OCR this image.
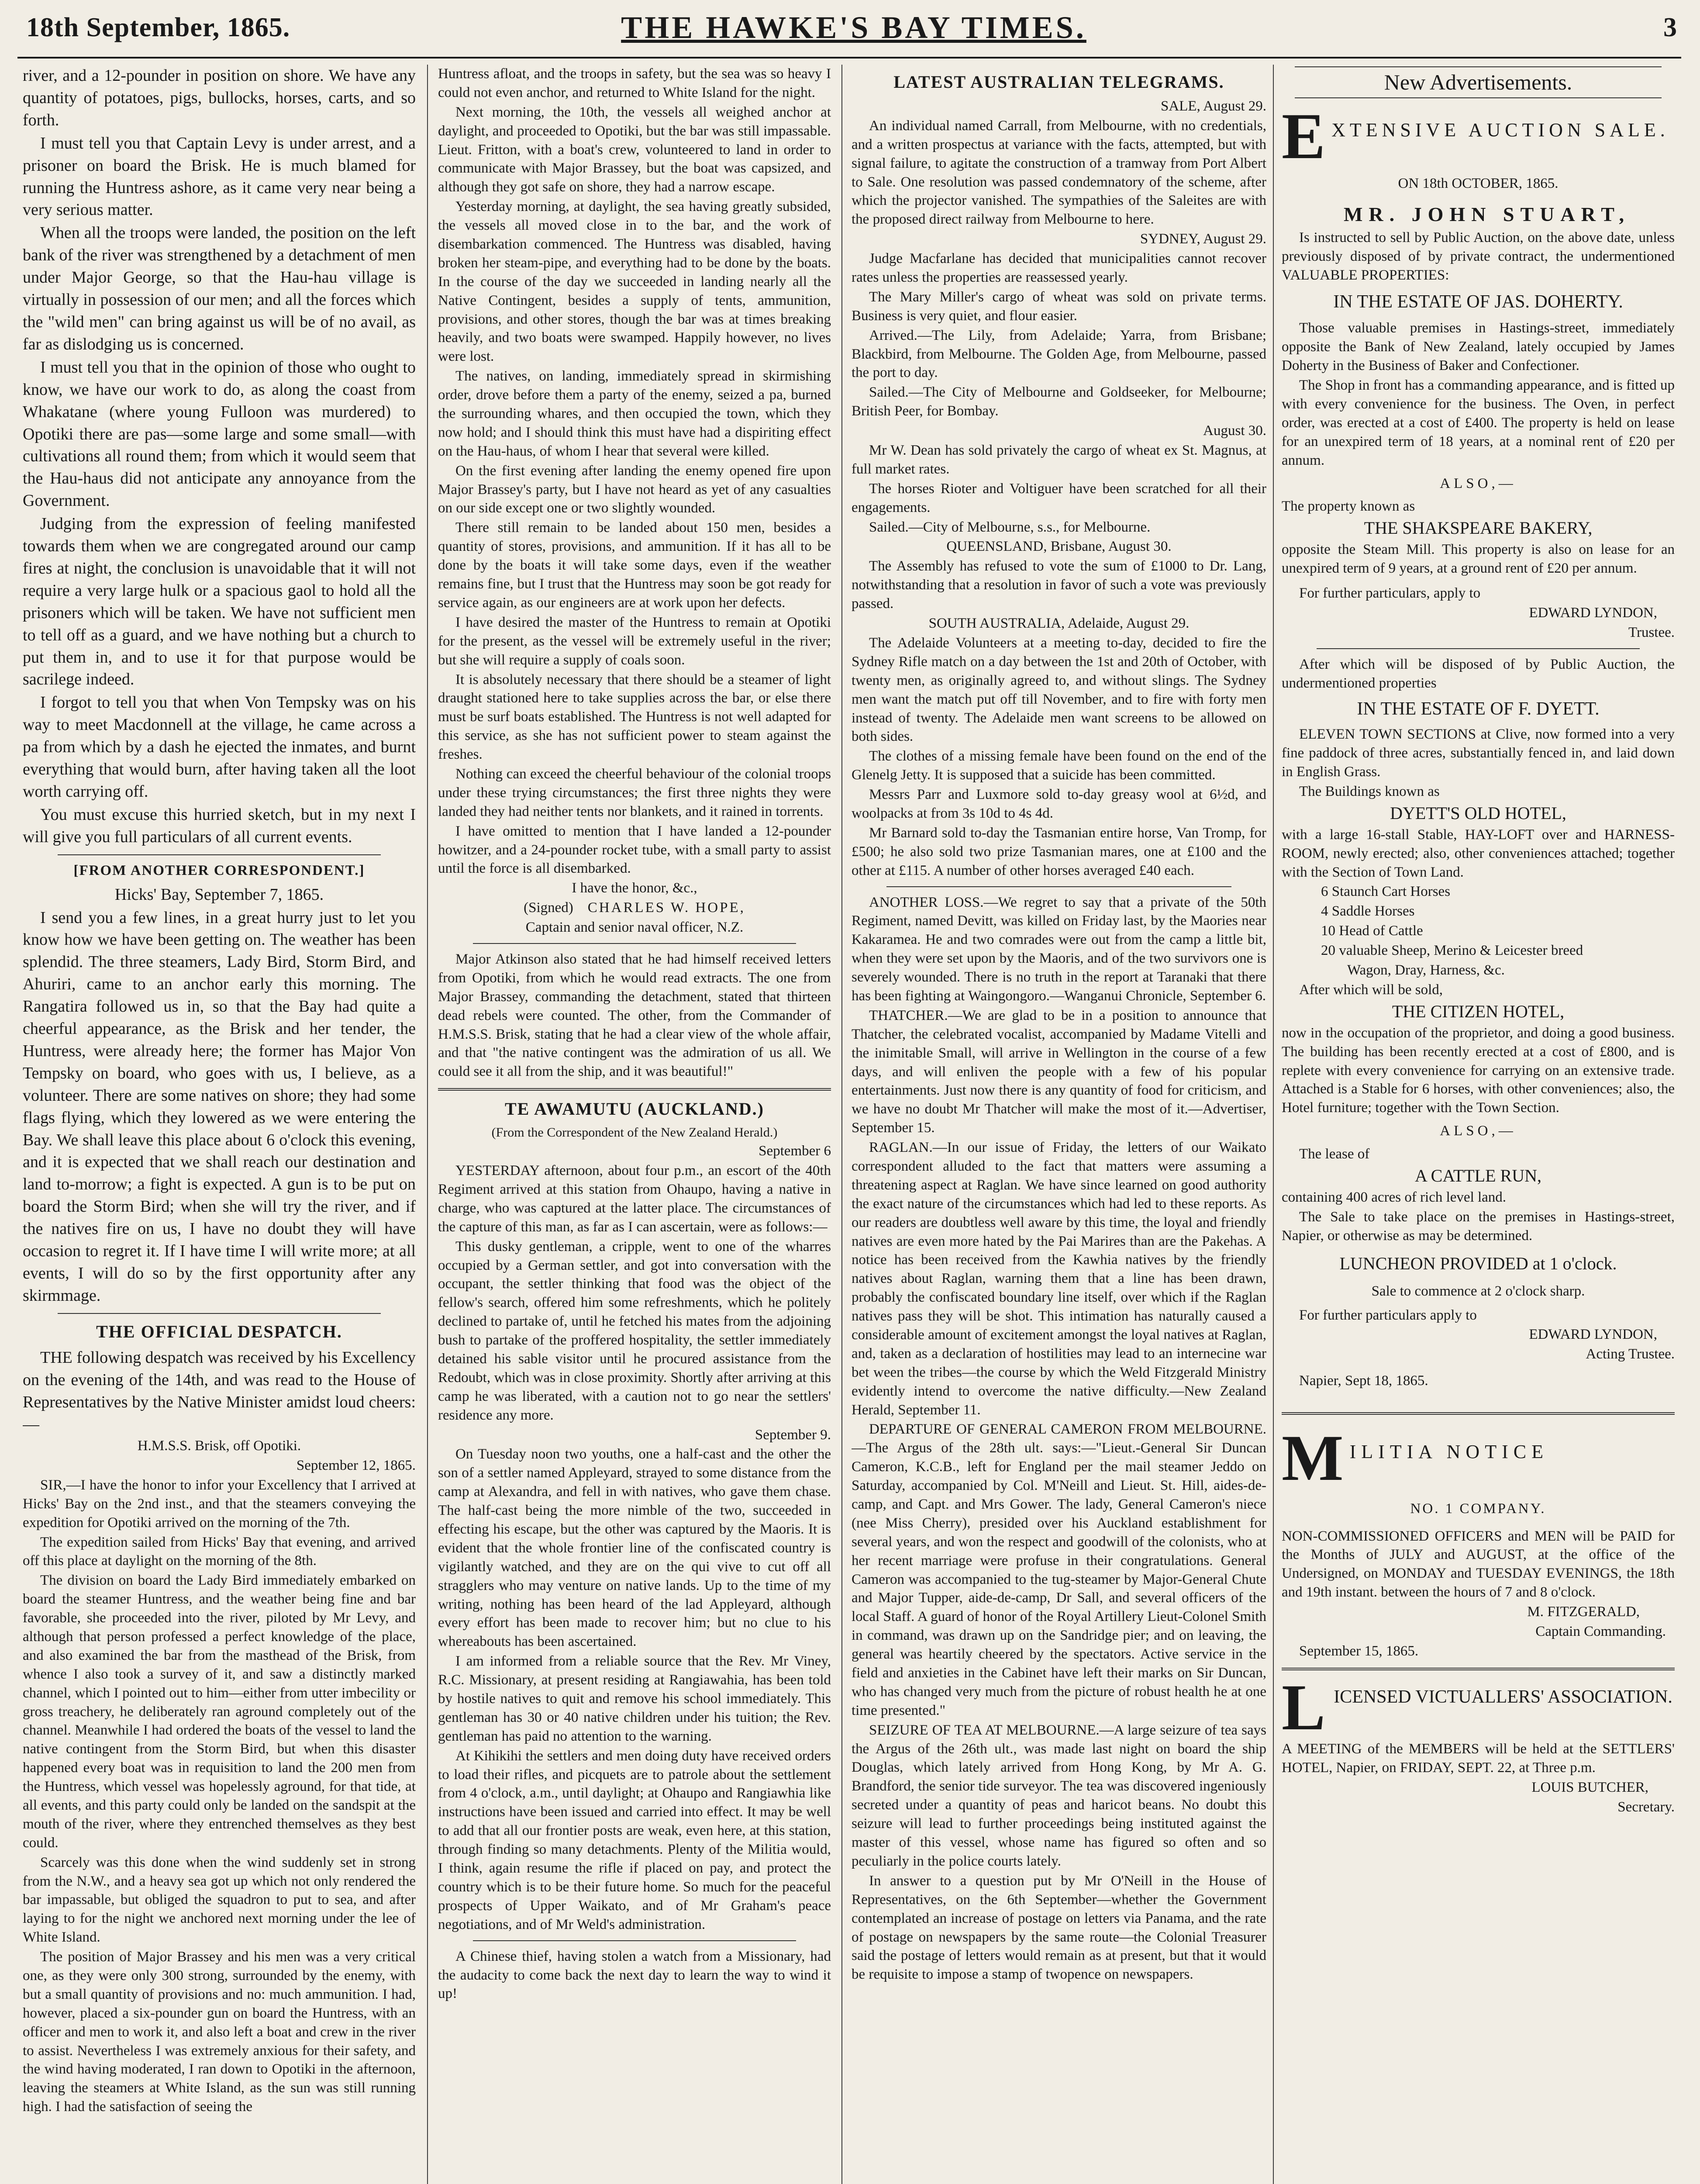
18th September, 1865.	THE HAWKE'S BAY TIMES.	3

river, and a 12-pounder in position on shore. We have any quantity of potatoes, pigs, bullocks, horses, carts, and so forth.

I must tell you that Captain Levy is under arrest, and a prisoner on board the Brisk. He is much blamed for running the Huntress ashore, as it came very near being a very serious matter.

When all the troops were landed, the position on the left bank of the river was strengthened by a detachment of men under Major George, so that the Hau-hau village is virtually in possession of our men; and all the forces which the "wild men" can bring against us will be of no avail, as far as dislodging us is concerned.

I must tell you that in the opinion of those who ought to know, we have our work to do, as along the coast from Whakatane (where young Fulloon was murdered) to Opotiki there are pas—some large and some small—with cultivations all round them; from which it would seem that the Hau-haus did not anticipate any annoyance from the Government.

Judging from the expression of feeling manifested towards them when we are congregated around our camp fires at night, the conclusion is unavoidable that it will not require a very large hulk or a spacious gaol to hold all the prisoners which will be taken. We have not sufficient men to tell off as a guard, and we have nothing but a church to put them in, and to use it for that purpose would be sacrilege indeed.

I forgot to tell you that when Von Tempsky was on his way to meet Macdonnell at the village, he came across a pa from which by a dash he ejected the inmates, and burnt everything that would burn, after having taken all the loot worth carrying off.

You must excuse this hurried sketch, but in my next I will give you full particulars of all current events.

[FROM ANOTHER CORRESPONDENT.]

Hicks' Bay, September 7, 1865.

I send you a few lines, in a great hurry just to let you know how we have been getting on. The weather has been splendid. The three steamers, Lady Bird, Storm Bird, and Ahuriri, came to an anchor early this morning. The Rangatira followed us in, so that the Bay had quite a cheerful appearance, as the Brisk and her tender, the Huntress, were already here; the former has Major Von Tempsky on board, who goes with us, I believe, as a volunteer. There are some natives on shore; they had some flags flying, which they lowered as we were entering the Bay. We shall leave this place about 6 o'clock this evening, and it is expected that we shall reach our destination and land to-morrow; a fight is expected. A gun is to be put on board the Storm Bird; when she will try the river, and if the natives fire on us, I have no doubt they will have occasion to regret it. If I have time I will write more; at all events, I will do so by the first opportunity after any skirmmage.

THE OFFICIAL DESPATCH.

THE following despatch was received by his Excellency on the evening of the 14th, and was read to the House of Representatives by the Native Minister amidst loud cheers:—

H.M.S.S. Brisk, off Opotiki.

September 12, 1865.

SIR,—I have the honor to infor your Excellency that I arrived at Hicks' Bay on the 2nd inst., and that the steamers conveying the expedition for Opotiki arrived on the morning of the 7th.

The expedition sailed from Hicks' Bay that evening, and arrived off this place at daylight on the morning of the 8th.

The division on board the Lady Bird immediately embarked on board the steamer Huntress, and the weather being fine and bar favorable, she proceeded into the river, piloted by Mr Levy, and although that person professed a perfect knowledge of the place, and also examined the bar from the masthead of the Brisk, from whence I also took a survey of it, and saw a distinctly marked channel, which I pointed out to him—either from utter imbecility or gross treachery, he deliberately ran aground completely out of the channel. Meanwhile I had ordered the boats of the vessel to land the native contingent from the Storm Bird, but when this disaster happened every boat was in requisition to land the 200 men from the Huntress, which vessel was hopelessly aground, for that tide, at all events, and this party could only be landed on the sandspit at the mouth of the river, where they entrenched themselves as they best could.

Scarcely was this done when the wind suddenly set in strong from the N.W., and a heavy sea got up which not only rendered the bar impassable, but obliged the squadron to put to sea, and after laying to for the night we anchored next morning under the lee of White Island.

The position of Major Brassey and his men was a very critical one, as they were only 300 strong, surrounded by the enemy, with but a small quantity of provisions and no: much ammunition. I had, however, placed a six-pounder gun on board the Huntress, with an officer and men to work it, and also left a boat and crew in the river to assist. Nevertheless I was extremely anxious for their safety, and the wind having moderated, I ran down to Opotiki in the afternoon, leaving the steamers at White Island, as the sun was still running high. I had the satisfaction of seeing the

Huntress afloat, and the troops in safety, but the sea was so heavy I could not even anchor, and returned to White Island for the night.

Next morning, the 10th, the vessels all weighed anchor at daylight, and proceeded to Opotiki, but the bar was still impassable. Lieut. Fritton, with a boat's crew, volunteered to land in order to communicate with Major Brassey, but the boat was capsized, and although they got safe on shore, they had a narrow escape.

Yesterday morning, at daylight, the sea having greatly subsided, the vessels all moved close in to the bar, and the work of disembarkation commenced. The Huntress was disabled, having broken her steam-pipe, and everything had to be done by the boats. In the course of the day we succeeded in landing nearly all the Native Contingent, besides a supply of tents, ammunition, provisions, and other stores, though the bar was at times breaking heavily, and two boats were swamped. Happily however, no lives were lost.

The natives, on landing, immediately spread in skirmishing order, drove before them a party of the enemy, seized a pa, burned the surrounding whares, and then occupied the town, which they now hold; and I should think this must have had a dispiriting effect on the Hau-haus, of whom I hear that several were killed.

On the first evening after landing the enemy opened fire upon Major Brassey's party, but I have not heard as yet of any casualties on our side except one or two slightly wounded.

There still remain to be landed about 150 men, besides a quantity of stores, provisions, and ammunition. If it has all to be done by the boats it will take some days, even if the weather remains fine, but I trust that the Huntress may soon be got ready for service again, as our engineers are at work upon her defects.

I have desired the master of the Huntress to remain at Opotiki for the present, as the vessel will be extremely useful in the river; but she will require a supply of coals soon.

It is absolutely necessary that there should be a steamer of light draught stationed here to take supplies across the bar, or else there must be surf boats established. The Huntress is not well adapted for this service, as she has not sufficient power to steam against the freshes.

Nothing can exceed the cheerful behaviour of the colonial troops under these trying circumstances; the first three nights they were landed they had neither tents nor blankets, and it rained in torrents.

I have omitted to mention that I have landed a 12-pounder howitzer, and a 24-pounder rocket tube, with a small party to assist until the force is all disembarked.

I have the honor, &c.,

(Signed) CHARLES W. HOPE,

Captain and senior naval officer, N.Z.

Major Atkinson also stated that he had himself received letters from Opotiki, from which he would read extracts. The one from Major Brassey, commanding the detachment, stated that thirteen dead rebels were counted. The other, from the Commander of H.M.S.S. Brisk, stating that he had a clear view of the whole affair, and that "the native contingent was the admiration of us all. We could see it all from the ship, and it was beautiful!"

TE AWAMUTU (AUCKLAND.)

(From the Correspondent of the New Zealand Herald.)

September 6

YESTERDAY afternoon, about four p.m., an escort of the 40th Regiment arrived at this station from Ohaupo, having a native in charge, who was captured at the latter place. The circumstances of the capture of this man, as far as I can ascertain, were as follows:—

This dusky gentleman, a cripple, went to one of the wharres occupied by a German settler, and got into conversation with the occupant, the settler thinking that food was the object of the fellow's search, offered him some refreshments, which he politely declined to partake of, until he fetched his mates from the adjoining bush to partake of the proffered hospitality, the settler immediately detained his sable visitor until he procured assistance from the Redoubt, which was in close proximity. Shortly after arriving at this camp he was liberated, with a caution not to go near the settlers' residence any more.

September 9.

On Tuesday noon two youths, one a half-cast and the other the son of a settler named Appleyard, strayed to some distance from the camp at Alexandra, and fell in with natives, who gave them chase. The half-cast being the more nimble of the two, succeeded in effecting his escape, but the other was captured by the Maoris. It is evident that the whole frontier line of the confiscated country is vigilantly watched, and they are on the qui vive to cut off all stragglers who may venture on native lands. Up to the time of my writing, nothing has been heard of the lad Appleyard, although every effort has been made to recover him; but no clue to his whereabouts has been ascertained.

I am informed from a reliable source that the Rev. Mr Viney, R.C. Missionary, at present residing at Rangiawahia, has been told by hostile natives to quit and remove his school immediately. This gentleman has 30 or 40 native children under his tuition; the Rev. gentleman has paid no attention to the warning.

At Kihikihi the settlers and men doing duty have received orders to load their rifles, and picquets are to patrole about the settlement from 4 o'clock, a.m., until daylight; at Ohaupo and Rangiawhia like instructions have been issued and carried into effect. It may be well to add that all our frontier posts are weak, even here, at this station, through finding so many detachments. Plenty of the Militia would, I think, again resume the rifle if placed on pay, and protect the country which is to be their future home. So much for the peaceful prospects of Upper Waikato, and of Mr Graham's peace negotiations, and of Mr Weld's administration.

A Chinese thief, having stolen a watch from a Missionary, had the audacity to come back the next day to learn the way to wind it up!

LATEST AUSTRALIAN TELEGRAMS.

SALE, August 29.

An individual named Carrall, from Melbourne, with no credentials, and a written prospectus at variance with the facts, attempted, but with signal failure, to agitate the construction of a tramway from Port Albert to Sale. One resolution was passed condemnatory of the scheme, after which the projector vanished. The sympathies of the Saleites are with the proposed direct railway from Melbourne to here.

SYDNEY, August 29.

Judge Macfarlane has decided that municipalities cannot recover rates unless the properties are reassessed yearly.

The Mary Miller's cargo of wheat was sold on private terms. Business is very quiet, and flour easier.

Arrived.—The Lily, from Adelaide; Yarra, from Brisbane; Blackbird, from Melbourne. The Golden Age, from Melbourne, passed the port to day.

Sailed.—The City of Melbourne and Goldseeker, for Melbourne; British Peer, for Bombay.

August 30.

Mr W. Dean has sold privately the cargo of wheat ex St. Magnus, at full market rates.

The horses Rioter and Voltiguer have been scratched for all their engagements.

Sailed.—City of Melbourne, s.s., for Melbourne.

QUEENSLAND, Brisbane, August 30.

The Assembly has refused to vote the sum of £1000 to Dr. Lang, notwithstanding that a resolution in favor of such a vote was previously passed.

SOUTH AUSTRALIA, Adelaide, August 29.

The Adelaide Volunteers at a meeting to-day, decided to fire the Sydney Rifle match on a day between the 1st and 20th of October, with twenty men, as originally agreed to, and without slings. The Sydney men want the match put off till November, and to fire with forty men instead of twenty. The Adelaide men want screens to be allowed on both sides.

The clothes of a missing female have been found on the end of the Glenelg Jetty. It is supposed that a suicide has been committed.

Messrs Parr and Luxmore sold to-day greasy wool at 6½d, and woolpacks at from 3s 10d to 4s 4d.

Mr Barnard sold to-day the Tasmanian entire horse, Van Tromp, for £500; he also sold two prize Tasmanian mares, one at £100 and the other at £115. A number of other horses averaged £40 each.

ANOTHER LOSS.—We regret to say that a private of the 50th Regiment, named Devitt, was killed on Friday last, by the Maories near Kakaramea. He and two comrades were out from the camp a little bit, when they were set upon by the Maoris, and of the two survivors one is severely wounded. There is no truth in the report at Taranaki that there has been fighting at Waingongoro.—Wanganui Chronicle, September 6.

THATCHER.—We are glad to be in a position to announce that Thatcher, the celebrated vocalist, accompanied by Madame Vitelli and the inimitable Small, will arrive in Wellington in the course of a few days, and will enliven the people with a few of his popular entertainments. Just now there is any quantity of food for criticism, and we have no doubt Mr Thatcher will make the most of it.—Advertiser, September 15.

RAGLAN.—In our issue of Friday, the letters of our Waikato correspondent alluded to the fact that matters were assuming a threatening aspect at Raglan. We have since learned on good authority the exact nature of the circumstances which had led to these reports. As our readers are doubtless well aware by this time, the loyal and friendly natives are even more hated by the Pai Marires than are the Pakehas. A notice has been received from the Kawhia natives by the friendly natives about Raglan, warning them that a line has been drawn, probably the confiscated boundary line itself, over which if the Raglan natives pass they will be shot. This intimation has naturally caused a considerable amount of excitement amongst the loyal natives at Raglan, and, taken as a declaration of hostilities may lead to an internecine war bet ween the tribes—the course by which the Weld Fitzgerald Ministry evidently intend to overcome the native difficulty.—New Zealand Herald, September 11.

DEPARTURE OF GENERAL CAMERON FROM MELBOURNE.—The Argus of the 28th ult. says:—"Lieut.-General Sir Duncan Cameron, K.C.B., left for England per the mail steamer Jeddo on Saturday, accompanied by Col. M'Neill and Lieut. St. Hill, aides-de-camp, and Capt. and Mrs Gower. The lady, General Cameron's niece (nee Miss Cherry), presided over his Auckland establishment for several years, and won the respect and goodwill of the colonists, who at her recent marriage were profuse in their congratulations. General Cameron was accompanied to the tug-steamer by Major-General Chute and Major Tupper, aide-de-camp, Dr Sall, and several officers of the local Staff. A guard of honor of the Royal Artillery Lieut-Colonel Smith in command, was drawn up on the Sandridge pier; and on leaving, the general was heartily cheered by the spectators. Active service in the field and anxieties in the Cabinet have left their marks on Sir Duncan, who has changed very much from the picture of robust health he at one time presented."

SEIZURE OF TEA AT MELBOURNE.—A large seizure of tea says the Argus of the 26th ult., was made last night on board the ship Douglas, which lately arrived from Hong Kong, by Mr A. G. Brandford, the senior tide surveyor. The tea was discovered ingeniously secreted under a quantity of peas and haricot beans. No doubt this seizure will lead to further proceedings being instituted against the master of this vessel, whose name has figured so often and so peculiarly in the police courts lately.

In answer to a question put by Mr O'Neill in the House of Representatives, on the 6th September—whether the Government contemplated an increase of postage on letters via Panama, and the rate of postage on newspapers by the same route—the Colonial Treasurer said the postage of letters would remain as at present, but that it would be requisite to impose a stamp of twopence on newspapers.

New Advertisements.
E XTENSIVE AUCTION SALE.

ON 18th OCTOBER, 1865.

MR. JOHN STUART,

Is instructed to sell by Public Auction, on the above date, unless previously disposed of by private contract, the undermentioned VALUABLE PROPERTIES:

IN THE ESTATE OF JAS. DOHERTY.

Those valuable premises in Hastings-street, immediately opposite the Bank of New Zealand, lately occupied by James Doherty in the Business of Baker and Confectioner.

The Shop in front has a commanding appearance, and is fitted up with every convenience for the business. The Oven, in perfect order, was erected at a cost of £400. The property is held on lease for an unexpired term of 18 years, at a nominal rent of £20 per annum.

ALSO,—

The property known as

THE SHAKSPEARE BAKERY,

opposite the Steam Mill. This property is also on lease for an unexpired term of 9 years, at a ground rent of £20 per annum.

For further particulars, apply to

EDWARD LYNDON,

Trustee.

After which will be disposed of by Public Auction, the undermentioned properties

IN THE ESTATE OF F. DYETT.

ELEVEN TOWN SECTIONS at Clive, now formed into a very fine paddock of three acres, substantially fenced in, and laid down in English Grass.

The Buildings known as

DYETT'S OLD HOTEL,

with a large 16-stall Stable, HAY-LOFT over and HARNESS-ROOM, newly erected; also, other conveniences attached; together with the Section of Town Land.

6 Staunch Cart Horses

4 Saddle Horses

10 Head of Cattle

20 valuable Sheep, Merino & Leicester breed

Wagon, Dray, Harness, &c.

After which will be sold,

THE CITIZEN HOTEL,

now in the occupation of the proprietor, and doing a good business. The building has been recently erected at a cost of £800, and is replete with every convenience for carrying on an extensive trade. Attached is a Stable for 6 horses, with other conveniences; also, the Hotel furniture; together with the Town Section.

ALSO,—

The lease of

A CATTLE RUN,

containing 400 acres of rich level land.

The Sale to take place on the premises in Hastings-street, Napier, or otherwise as may be determined.

LUNCHEON PROVIDED at 1 o'clock.

Sale to commence at 2 o'clock sharp.

For further particulars apply to

EDWARD LYNDON,

Acting Trustee.

Napier, Sept 18, 1865.

M ILITIA NOTICE

NO. 1 COMPANY.

NON-COMMISSIONED OFFICERS and MEN will be PAID for the Months of JULY and AUGUST, at the office of the Undersigned, on MONDAY and TUESDAY EVENINGS, the 18th and 19th instant. between the hours of 7 and 8 o'clock.

M. FITZGERALD,

Captain Commanding.

September 15, 1865.

L ICENSED VICTUALLERS' ASSOCIATION.

A MEETING of the MEMBERS will be held at the SETTLERS' HOTEL, Napier, on FRIDAY, SEPT. 22, at Three p.m.

LOUIS BUTCHER,

Secretary.
